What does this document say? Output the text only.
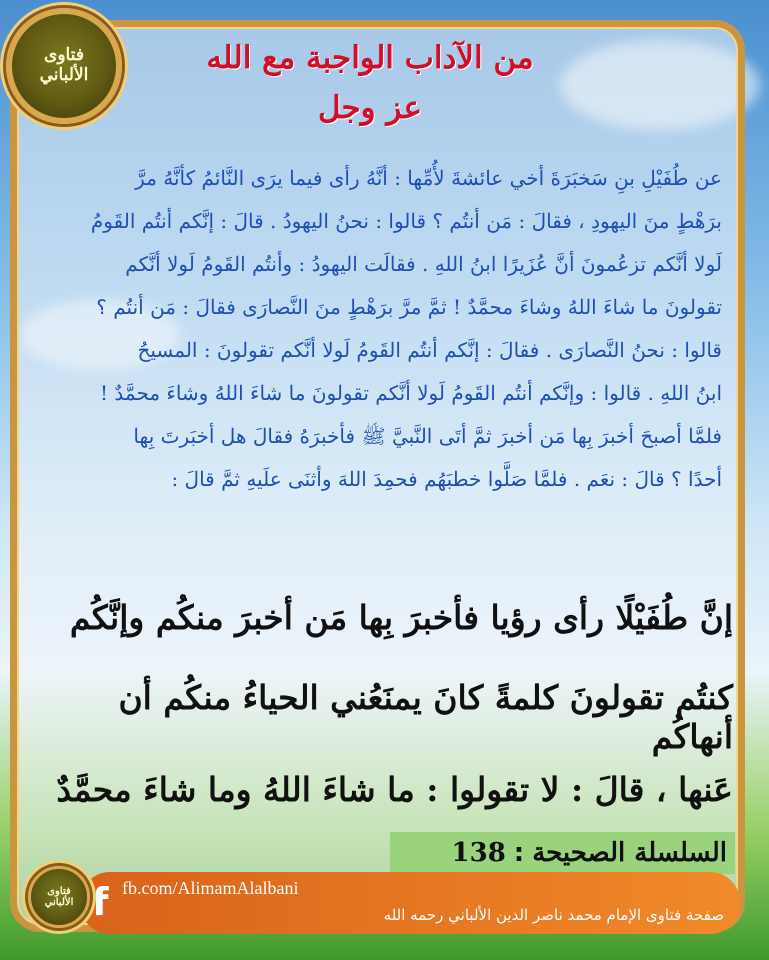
فتاوى
الألباني	من الآداب الواجبة مع الله
عز وجل
عن طُفَيْلِ بنِ سَخبَرَةَ أخي عائشةَ لأُمِّها : أنَّهُ رأى فيما يرَى النَّائمُ كأنَّهُ مرَّ
برَهْطٍ منَ اليهودِ ، فقالَ : مَن أنتُم ؟ قالوا : نحنُ اليهودُ . قالَ : إنَّكم أنتُم القَومُ
لَولا أنَّكم تزعُمونَ أنَّ عُزَيرًا ابنُ اللهِ . فقالَت اليهودُ : وأنتُم القَومُ لَولا أنَّكم
تقولونَ ما شاءَ اللهُ وشاءَ محمَّدٌ ! ثمَّ مرَّ برَهْطٍ منَ النَّصارَى فقالَ : مَن أنتُم ؟
قالوا : نحنُ النَّصارَى . فقالَ : إنَّكم أنتُم القَومُ لَولا أنَّكم تقولونَ : المسيحُ
ابنُ اللهِ . قالوا : وإنَّكم أنتُم القَومُ لَولا أنَّكم تقولونَ ما شاءَ اللهُ وشاءَ محمَّدٌ !
فلمَّا أصبحَ أخبرَ بِها مَن أخبرَ ثمَّ أتَى النَّبيَّ ﷺ فأخبرَهُ فقالَ هل أخبَرتَ بِها
أحدًا ؟ قالَ : نعَم . فلمَّا صَلَّوا خطبَهُم فحمِدَ اللهَ وأثنَى علَيهِ ثمَّ قالَ :
إنَّ طُفَيْلًا رأى رؤيا فأخبرَ بِها مَن أخبرَ منكُم وإنَّكُم
كنتُم تقولونَ كلمةً كانَ يمنَعُني الحياءُ منكُم أن أنهاكُم
عَنها ، قالَ : لا تقولوا : ما شاءَ اللهُ وما شاءَ محمَّدٌ
السلسلة الصحيحة
:
138
f fb.com/AlimamAlalbani
صفحة فتاوى الإمام محمد ناصر الدين الألباني رحمه الله
فتاوى
الألباني
